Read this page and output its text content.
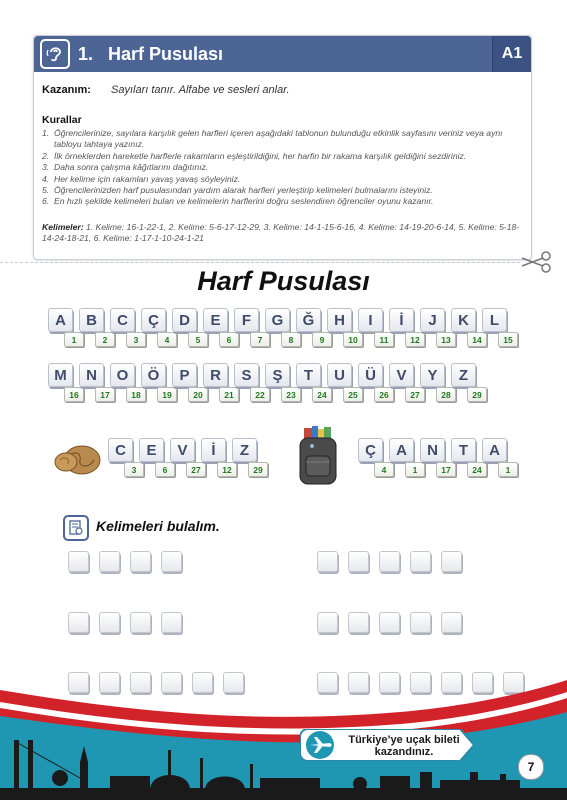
1. Harf Pusulası	A1
Kazanım: Sayıları tanır. Alfabe ve sesleri anlar.
Kurallar
1. Öğrencilerinize, sayılara karşılık gelen harfleri içeren aşağıdaki tablonun bulunduğu etkinlik sayfasını veriniz veya aynı tabloyu tahtaya yazınız.
2. İlk örneklerden hareketle harflerle rakamların eşleştirildiğini, her harfin bir rakama karşılık geldiğini sezdiriniz.
3. Daha sonra çalışma kâğıtlarını dağıtınız.
4. Her kelime için rakamları yavaş yavaş söyleyiniz.
5. Öğrencilerinizden harf pusulasından yardım alarak harfleri yerleştirip kelimeleri bulmalarını isteyiniz.
6. En hızlı şekilde kelimeleri bulan ve kelimelerin harflerini doğru seslendiren öğrenciler oyunu kazanır.
Kelimeler: 1. Kelime: 16-1-22-1, 2. Kelime: 5-6-17-12-29, 3. Kelime: 14-1-15-6-16, 4. Kelime: 14-19-20-6-14, 5. Kelime: 5-18-14-24-18-21, 6. Kelime: 1-17-1-10-24-1-21
Harf Pusulası
A
1
B
2
C
3
Ç
4
D
5
E
6
F
7
G
8
Ğ
9
H
10
I
11
İ
12
J
13
K
14
L
15
M
16
N
17
O
18
Ö
19
P
20
R
21
S
22
Ş
23
T
24
U
25
Ü
26
V
27
Y
28
Z
29
C
3
E
6
V
27
İ
12
Z
29
Ç
4
A
1
N
17
T
24
A
1
Kelimeleri bulalım.
Türkiye’ye uçak bileti
kazandınız.
7
